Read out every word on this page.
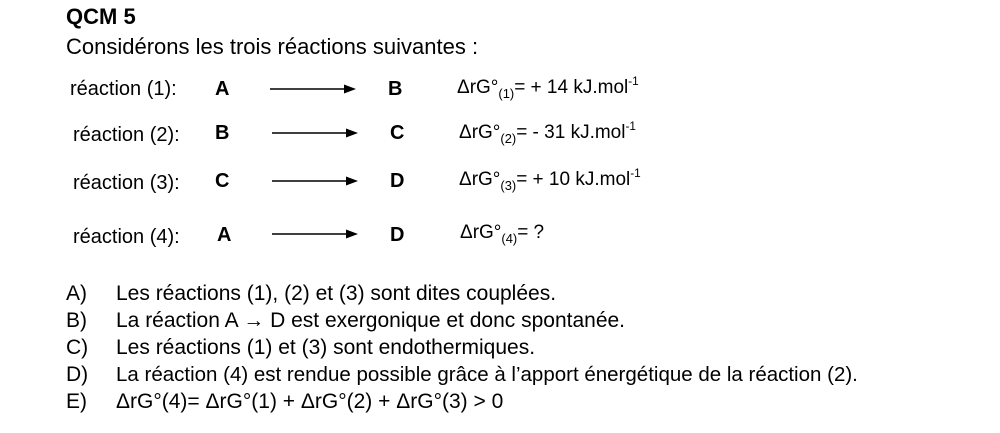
QCM 5
Considérons les trois réactions suivantes :
réaction (1): A	B	$\Delta rG^\circ_{(1)}= + 14$ kJ.mol$^{-1}$
réaction (2): B	C	$\Delta rG^\circ_{(2)}= - 31$ kJ.mol$^{-1}$
réaction (3): C	D	$\Delta rG^\circ_{(3)}= + 10$ kJ.mol$^{-1}$
réaction (4): A	D	$\Delta rG^\circ_{(4)}=$ ?
A) Les réactions (1), (2) et (3) sont dites couplées.
B) La réaction A → D est exergonique et donc spontanée.
C) Les réactions (1) et (3) sont endothermiques.
D) La réaction (4) est rendue possible grâce à l’apport énergétique de la réaction (2).
E) ΔrG°(4)= ΔrG°(1) + ΔrG°(2) + ΔrG°(3) > 0
